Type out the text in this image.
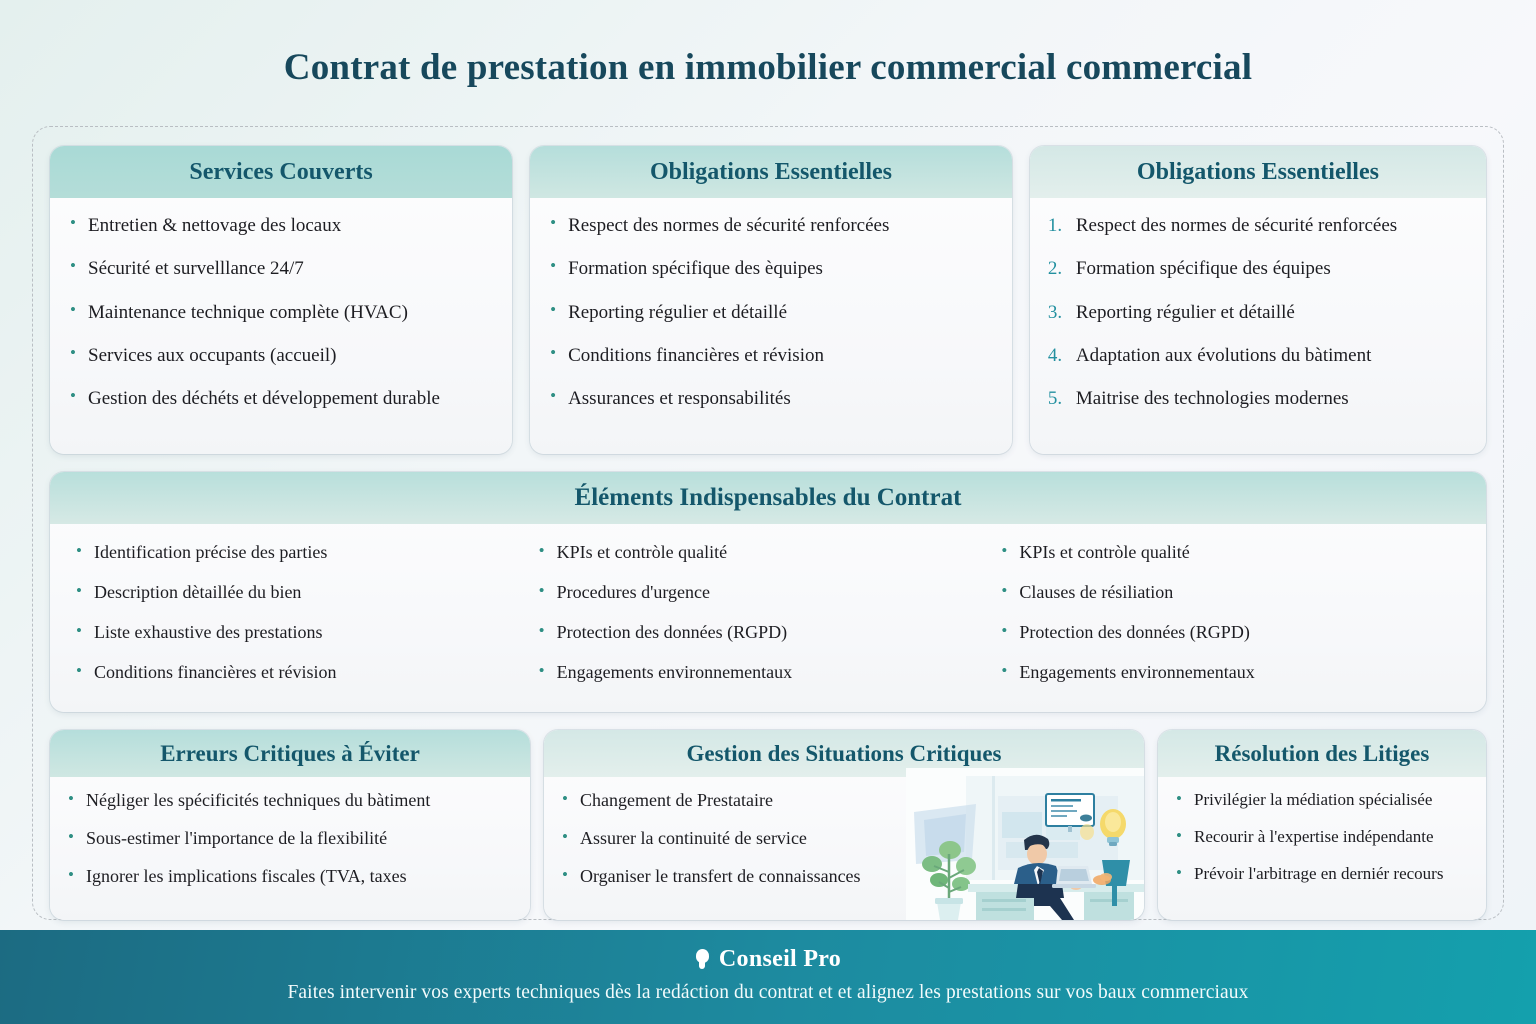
Contrat de prestation en immobilier commercial commercial
Services Couverts
• Entretien & nettovage des locaux
• Sécurité et survelllance 24/7
• Maintenance technique complète (HVAC)
• Services aux occupants (accueil)
• Gestion des déchéts et développement durable
Obligations Essentielles
• Respect des normes de sécurité renforcées
• Formation spécifique des èquipes
• Reporting régulier et détaillé
• Conditions financières et révision
• Assurances et responsabilités
Obligations Essentielles
1. Respect des normes de sécurité renforcées
2. Formation spécifique des équipes
3. Reporting régulier et détaillé
4. Adaptation aux évolutions du bàtiment
5. Maitrise des technologies modernes
Éléments Indispensables du Contrat
• Identification précise des parties
• Description dètaillée du bien
• Liste exhaustive des prestations
• Conditions financières et révision
• KPIs et contròle qualité
• Procedures d'urgence
• Protection des données (RGPD)
• Engagements environnementaux
• KPIs et contròle qualité
• Clauses de résiliation
• Protection des données (RGPD)
• Engagements environnementaux
Erreurs Critiques à Éviter
• Négliger les spécificités techniques du bàtiment
• Sous-estimer l'importance de la flexibilité
• Ignorer les implications fiscales (TVA, taxes
Gestion des Situations Critiques
• Changement de Prestataire
• Assurer la continuité de service
• Organiser le transfert de connaissances
Résolution des Litiges
• Privilégier la médiation spécialisée
• Recourir à l'expertise indépendante
• Prévoir l'arbitrage en derniér recours
Conseil Pro
Faites intervenir vos experts techniques dès la redáction du contrat et et alignez les prestations sur vos baux commerciaux
